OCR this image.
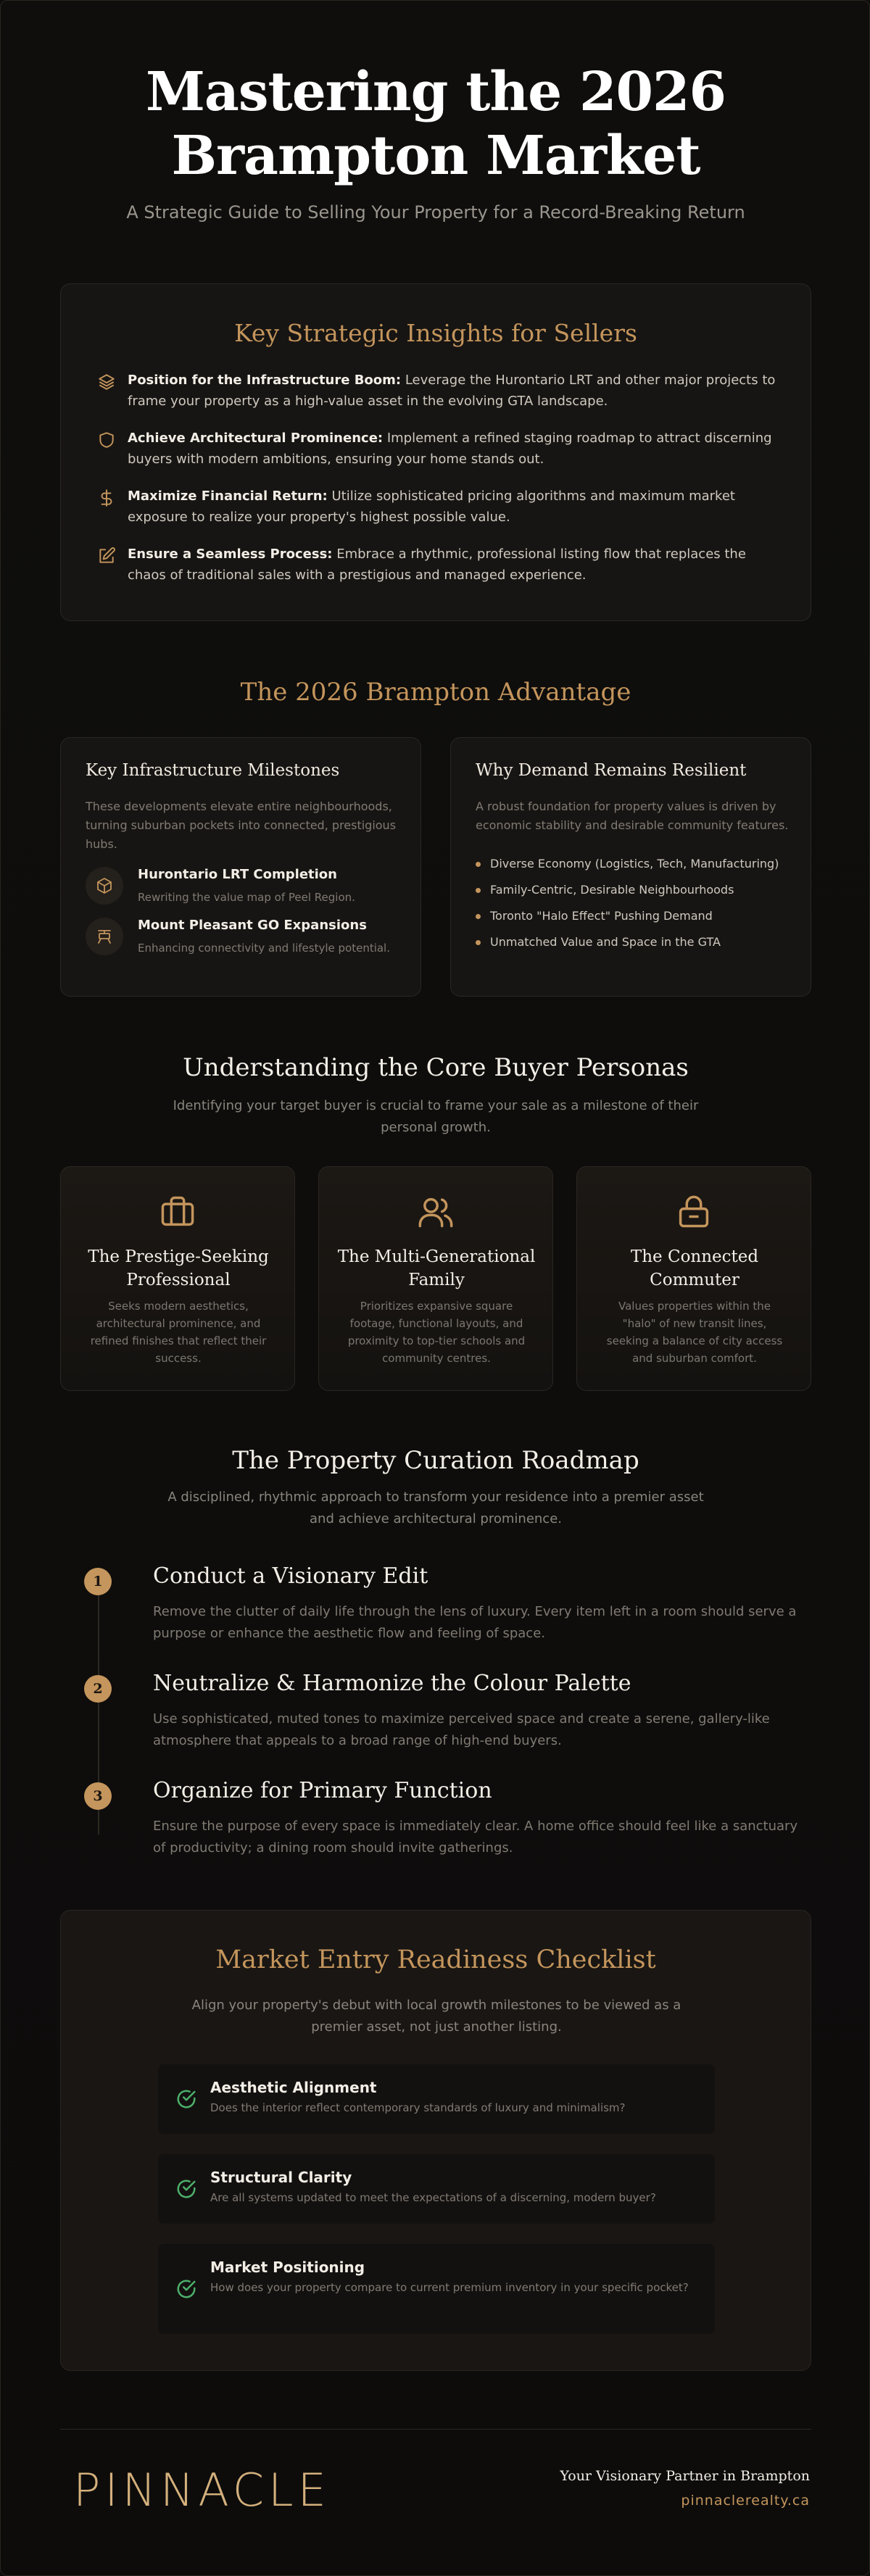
Mastering the 2026
Brampton Market
A Strategic Guide to Selling Your Property for a Record-Breaking Return
Key Strategic Insights for Sellers

Position for the Infrastructure Boom: Leverage the Hurontario LRT and other major projects to frame your property as a high-value asset in the evolving GTA landscape.

Achieve Architectural Prominence: Implement a refined staging roadmap to attract discerning buyers with modern ambitions, ensuring your home stands out.

Maximize Financial Return: Utilize sophisticated pricing algorithms and maximum market exposure to realize your property's highest possible value.

Ensure a Seamless Process: Embrace a rhythmic, professional listing flow that replaces the chaos of traditional sales with a prestigious and managed experience.

The 2026 Brampton Advantage
Key Infrastructure Milestones
These developments elevate entire neighbourhoods, turning suburban pockets into connected, prestigious hubs.
Hurontario LRT Completion
Rewriting the value map of Peel Region.
Mount Pleasant GO Expansions
Enhancing connectivity and lifestyle potential.
Why Demand Remains Resilient
A robust foundation for property values is driven by economic stability and desirable community features.
Diverse Economy (Logistics, Tech, Manufacturing)
Family-Centric, Desirable Neighbourhoods
Toronto "Halo Effect" Pushing Demand
Unmatched Value and Space in the GTA
Understanding the Core Buyer Personas
Identifying your target buyer is crucial to frame your sale as a milestone of their personal growth.
The Prestige-Seeking Professional

Seeks modern aesthetics, architectural prominence, and refined finishes that reflect their success.

The Multi-Generational Family

Prioritizes expansive square footage, functional layouts, and proximity to top-tier schools and community centres.

The Connected Commuter

Values properties within the "halo" of new transit lines, seeking a balance of city access and suburban comfort.

The Property Curation Roadmap
A disciplined, rhythmic approach to transform your residence into a premier asset and achieve architectural prominence.
1	Conduct a Visionary Edit

Remove the clutter of daily life through the lens of luxury. Every item left in a room should serve a purpose or enhance the aesthetic flow and feeling of space.

2	Neutralize & Harmonize the Colour Palette

Use sophisticated, muted tones to maximize perceived space and create a serene, gallery-like atmosphere that appeals to a broad range of high-end buyers.

3	Organize for Primary Function

Ensure the purpose of every space is immediately clear. A home office should feel like a sanctuary of productivity; a dining room should invite gatherings.

Market Entry Readiness Checklist
Align your property's debut with local growth milestones to be viewed as a premier asset, not just another listing.
Aesthetic Alignment
Does the interior reflect contemporary standards of luxury and minimalism?
Structural Clarity
Are all systems updated to meet the expectations of a discerning, modern buyer?
Market Positioning
How does your property compare to current premium inventory in your specific pocket?
PINNACLE	Your Visionary Partner in Brampton
pinnaclerealty.ca
